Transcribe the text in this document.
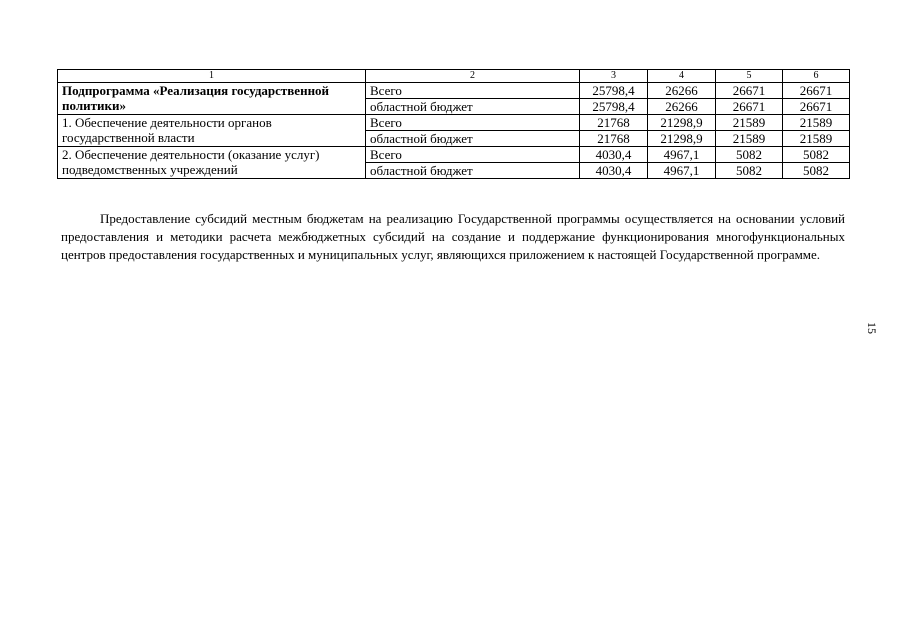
1	2	3	4	5	6
Подпрограмма «Реализация государственной политики»	Всего	25798,4	26266	26671	26671
	областной бюджет	25798,4	26266	26671	26671
1. Обеспечение деятельности органов государственной власти	Всего	21768	21298,9	21589	21589
	областной бюджет	21768	21298,9	21589	21589
2. Обеспечение деятельности (оказание услуг) подведомственных учреждений	Всего	4030,4	4967,1	5082	5082
	областной бюджет	4030,4	4967,1	5082	5082

Предоставление субсидий местным бюджетам на реализацию Государственной программы осуществляется на основании условий предоставления и методики расчета межбюджетных субсидий на создание и поддержание функционирования многофункциональных центров предоставления государственных и муниципальных услуг, являющихся приложением к настоящей Государственной программе.

15
